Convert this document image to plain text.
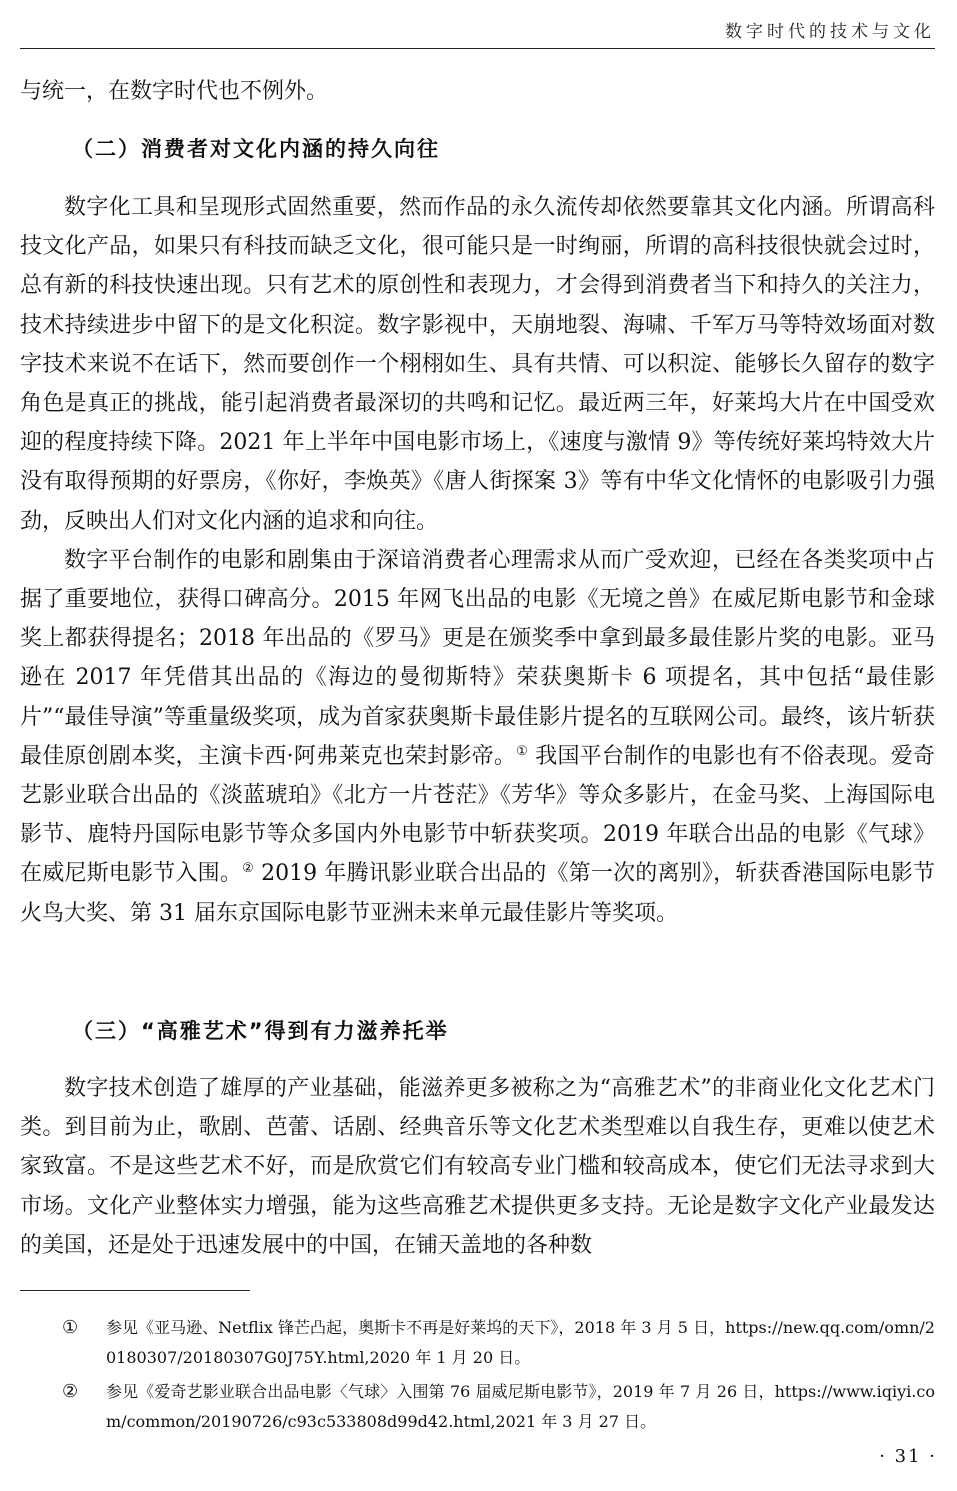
数字时代的技术与文化
与统一，在数字时代也不例外。
（二）消费者对文化内涵的持久向往

数字化工具和呈现形式固然重要，然而作品的永久流传却依然要靠其文化内涵。所谓高科技文化产品，如果只有科技而缺乏文化，很可能只是一时绚丽，所谓的高科技很快就会过时，总有新的科技快速出现。只有艺术的原创性和表现力，才会得到消费者当下和持久的关注力，技术持续进步中留下的是文化积淀。数字影视中，天崩地裂、海啸、千军万马等特效场面对数字技术来说不在话下，然而要创作一个栩栩如生、具有共情、可以积淀、能够长久留存的数字角色是真正的挑战，能引起消费者最深切的共鸣和记忆。最近两三年，好莱坞大片在中国受欢迎的程度持续下降。2021 年上半年中国电影市场上，《速度与激情 9》等传统好莱坞特效大片没有取得预期的好票房，《你好，李焕英》《唐人街探案 3》等有中华文化情怀的电影吸引力强劲，反映出人们对文化内涵的追求和向往。

数字平台制作的电影和剧集由于深谙消费者心理需求从而广受欢迎，已经在各类奖项中占据了重要地位，获得口碑高分。2015 年网飞出品的电影《无境之兽》在威尼斯电影节和金球奖上都获得提名；2018 年出品的《罗马》更是在颁奖季中拿到最多最佳影片奖的电影。亚马逊在 2017 年凭借其出品的《海边的曼彻斯特》荣获奥斯卡 6 项提名，其中包括“最佳影片”“最佳导演”等重量级奖项，成为首家获奥斯卡最佳影片提名的互联网公司。最终，该片斩获最佳原创剧本奖，主演卡西·阿弗莱克也荣封影帝。① 我国平台制作的电影也有不俗表现。爱奇艺影业联合出品的《淡蓝琥珀》《北方一片苍茫》《芳华》等众多影片，在金马奖、上海国际电影节、鹿特丹国际电影节等众多国内外电影节中斩获奖项。2019 年联合出品的电影《气球》在威尼斯电影节入围。② 2019 年腾讯影业联合出品的《第一次的离别》，斩获香港国际电影节火鸟大奖、第 31 届东京国际电影节亚洲未来单元最佳影片等奖项。

（三）“高雅艺术”得到有力滋养托举

数字技术创造了雄厚的产业基础，能滋养更多被称之为“高雅艺术”的非商业化文化艺术门类。到目前为止，歌剧、芭蕾、话剧、经典音乐等文化艺术类型难以自我生存，更难以使艺术家致富。不是这些艺术不好，而是欣赏它们有较高专业门槛和较高成本，使它们无法寻求到大市场。文化产业整体实力增强，能为这些高雅艺术提供更多支持。无论是数字文化产业最发达的美国，还是处于迅速发展中的中国，在铺天盖地的各种数

①	参见《亚马逊、Netflix 锋芒凸起，奥斯卡不再是好莱坞的天下》，2018 年 3 月 5 日，https://new.qq.com/omn/20180307/20180307G0J75Y.html,2020 年 1 月 20 日。
②	参见《爱奇艺影业联合出品电影〈气球〉入围第 76 届威尼斯电影节》，2019 年 7 月 26 日，https://www.iqiyi.com/common/20190726/c93c533808d99d42.html,2021 年 3 月 27 日。
· 31 ·
